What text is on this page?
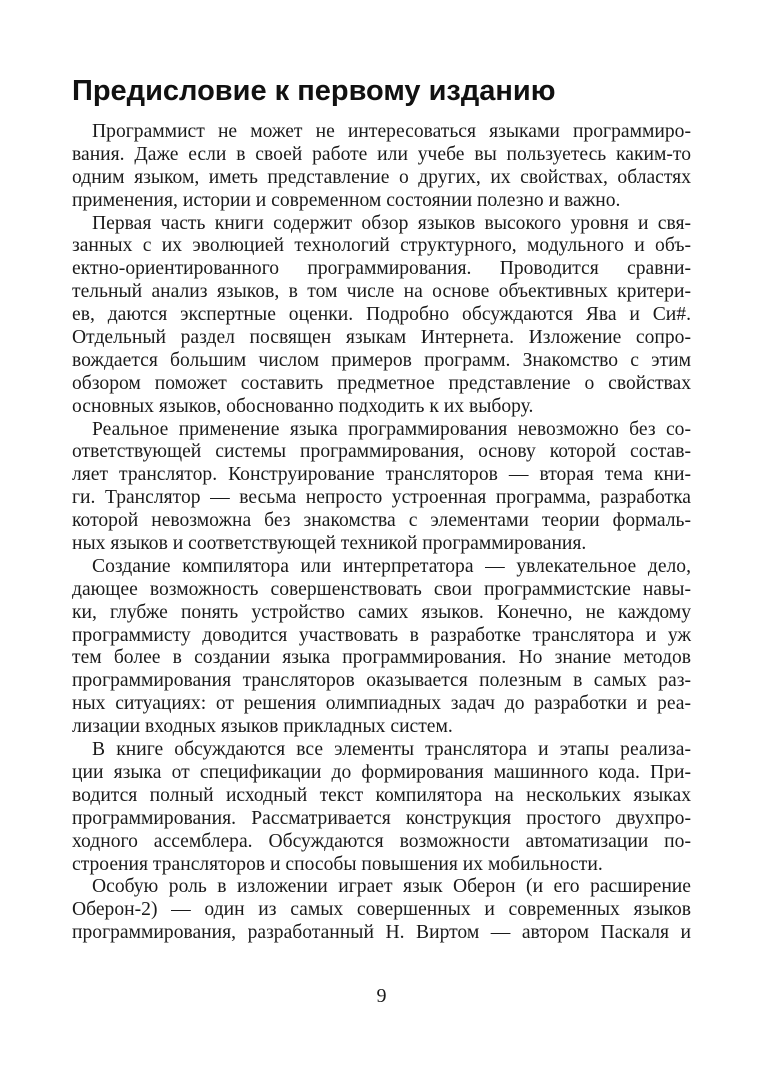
Предисловие к первому изданию
Программист не может не интересоваться языками программиро-
вания. Даже если в своей работе или учебе вы пользуетесь каким-то
одним языком, иметь представление о других, их свойствах, областях
применения, истории и современном состоянии полезно и важно.
Первая часть книги содержит обзор языков высокого уровня и свя-
занных с их эволюцией технологий структурного, модульного и объ-
ектно-ориентированного программирования. Проводится сравни-
тельный анализ языков, в том числе на основе объективных критери-
ев, даются экспертные оценки. Подробно обсуждаются Ява и Си#.
Отдельный раздел посвящен языкам Интернета. Изложение сопро-
вождается большим числом примеров программ. Знакомство с этим
обзором поможет составить предметное представление о свойствах
основных языков, обоснованно подходить к их выбору.
Реальное применение языка программирования невозможно без со-
ответствующей системы программирования, основу которой состав-
ляет транслятор. Конструирование трансляторов — вторая тема кни-
ги. Транслятор — весьма непросто устроенная программа, разработка
которой невозможна без знакомства с элементами теории формаль-
ных языков и соответствующей техникой программирования.
Создание компилятора или интерпретатора — увлекательное дело,
дающее возможность совершенствовать свои программистские навы-
ки, глубже понять устройство самих языков. Конечно, не каждому
программисту доводится участвовать в разработке транслятора и уж
тем более в создании языка программирования. Но знание методов
программирования трансляторов оказывается полезным в самых раз-
ных ситуациях: от решения олимпиадных задач до разработки и реа-
лизации входных языков прикладных систем.
В книге обсуждаются все элементы транслятора и этапы реализа-
ции языка от спецификации до формирования машинного кода. При-
водится полный исходный текст компилятора на нескольких языках
программирования. Рассматривается конструкция простого двухпро-
ходного ассемблера. Обсуждаются возможности автоматизации по-
строения трансляторов и способы повышения их мобильности.
Особую роль в изложении играет язык Оберон (и его расширение
Оберон-2) — один из самых совершенных и современных языков
программирования, разработанный Н. Виртом — автором Паскаля и
9
